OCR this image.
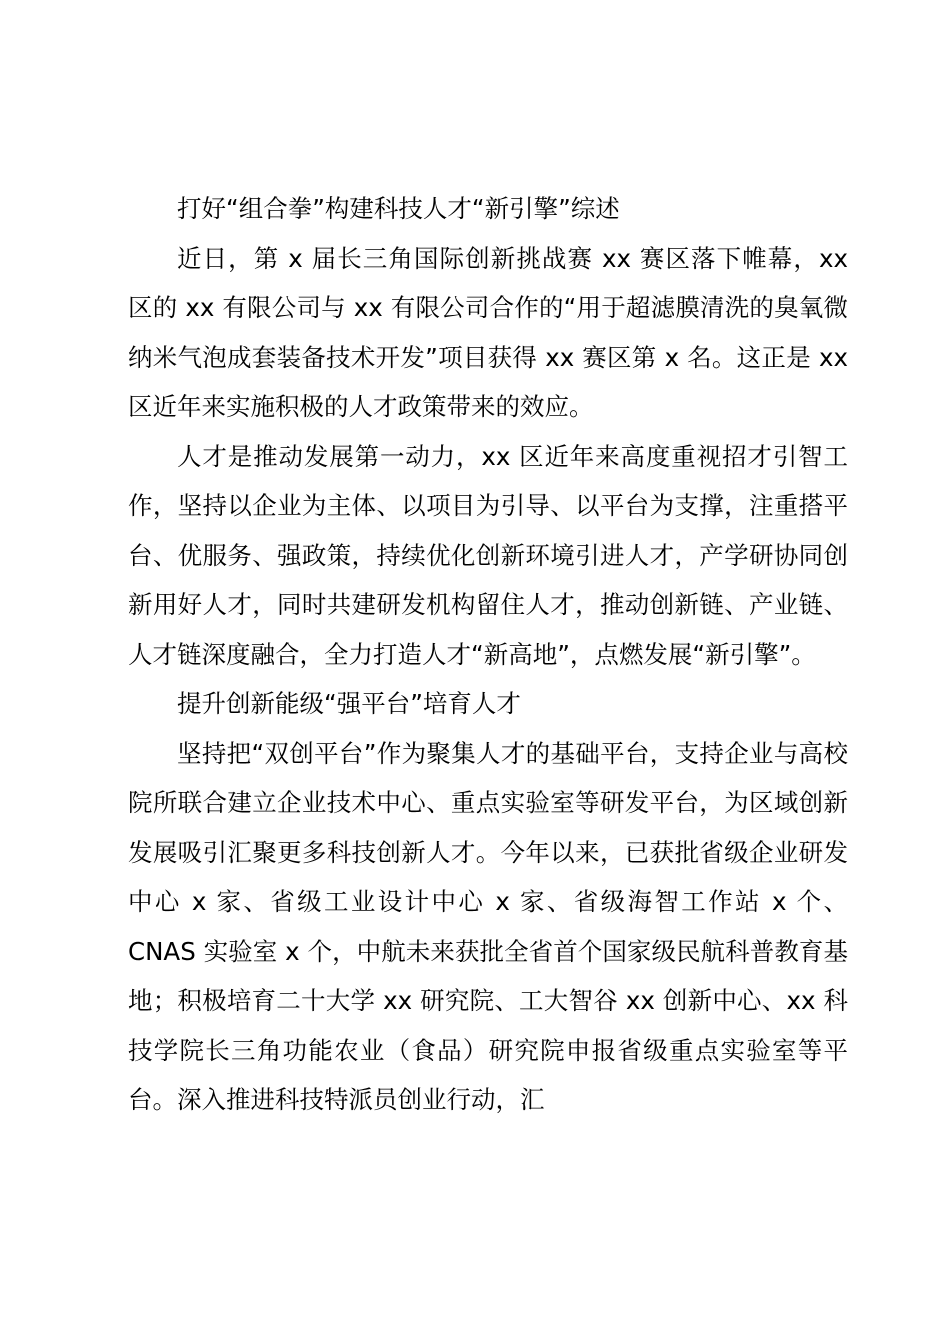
打好“组合拳”构建科技人才“新引擎”综述

近日，第 x 届长三角国际创新挑战赛 xx 赛区落下帷幕，xx 区的 xx 有限公司与 xx 有限公司合作的“用于超滤膜清洗的臭氧微纳米气泡成套装备技术开发”项目获得 xx 赛区第 x 名。这正是 xx 区近年来实施积极的人才政策带来的效应。

人才是推动发展第一动力，xx 区近年来高度重视招才引智工作，坚持以企业为主体、以项目为引导、以平台为支撑，注重搭平台、优服务、强政策，持续优化创新环境引进人才，产学研协同创新用好人才，同时共建研发机构留住人才，推动创新链、产业链、人才链深度融合，全力打造人才“新高地”，点燃发展“新引擎”。

提升创新能级“强平台”培育人才

坚持把“双创平台”作为聚集人才的基础平台，支持企业与高校院所联合建立企业技术中心、重点实验室等研发平台，为区域创新发展吸引汇聚更多科技创新人才。今年以来，已获批省级企业研发中心 x 家、省级工业设计中心 x 家、省级海智工作站 x 个、CNAS 实验室 x 个，中航未来获批全省首个国家级民航科普教育基地；积极培育二十大学 xx 研究院、工大智谷 xx 创新中心、xx 科技学院长三角功能农业（食品）研究院申报省级重点实验室等平台。深入推进科技特派员创业行动，汇
